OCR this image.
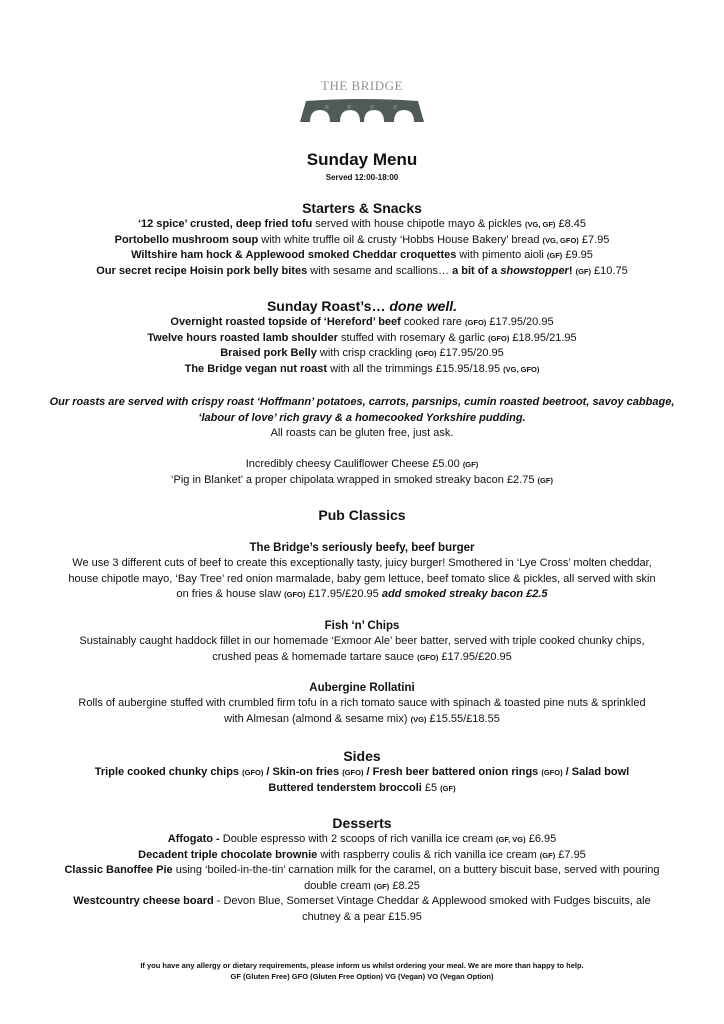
THE BRIDGE
Sunday Menu
Served 12:00-18:00
Starters & Snacks
‘12 spice’ crusted, deep fried tofu served with house chipotle mayo & pickles (VG, GF) £8.45
Portobello mushroom soup with white truffle oil & crusty ‘Hobbs House Bakery’ bread (VG, GFO) £7.95
Wiltshire ham hock & Applewood smoked Cheddar croquettes with pimento aioli (GF) £9.95
Our secret recipe Hoisin pork belly bites with sesame and scallions… a bit of a showstopper! (GF) £10.75
Sunday Roast’s… done well.
Overnight roasted topside of ‘Hereford’ beef cooked rare (GFO) £17.95/20.95
Twelve hours roasted lamb shoulder stuffed with rosemary & garlic (GFO) £18.95/21.95
Braised pork Belly with crisp crackling (GFO) £17.95/20.95
The Bridge vegan nut roast with all the trimmings £15.95/18.95 (VG, GFO)
Our roasts are served with crispy roast ‘Hoffmann’ potatoes, carrots, parsnips, cumin roasted beetroot, savoy cabbage,
‘labour of love’ rich gravy & a homecooked Yorkshire pudding.
All roasts can be gluten free, just ask.
Incredibly cheesy Cauliflower Cheese £5.00 (GF)
‘Pig in Blanket’ a proper chipolata wrapped in smoked streaky bacon £2.75 (GF)
Pub Classics
The Bridge’s seriously beefy, beef burger
We use 3 different cuts of beef to create this exceptionally tasty, juicy burger! Smothered in ‘Lye Cross’ molten cheddar,
house chipotle mayo, ‘Bay Tree’ red onion marmalade, baby gem lettuce, beef tomato slice & pickles, all served with skin
on fries & house slaw (GFO) £17.95/£20.95 add smoked streaky bacon £2.5
Fish ‘n’ Chips
Sustainably caught haddock fillet in our homemade ‘Exmoor Ale’ beer batter, served with triple cooked chunky chips,
crushed peas & homemade tartare sauce (GFO) £17.95/£20.95
Aubergine Rollatini
Rolls of aubergine stuffed with crumbled firm tofu in a rich tomato sauce with spinach & toasted pine nuts & sprinkled
with Almesan (almond & sesame mix) (VG) £15.55/£18.55
Sides
Triple cooked chunky chips (GFO) / Skin-on fries (GFO) / Fresh beer battered onion rings (GFO) / Salad bowl
Buttered tenderstem broccoli £5 (GF)
Desserts
Affogato - Double espresso with 2 scoops of rich vanilla ice cream (GF, VG) £6.95
Decadent triple chocolate brownie with raspberry coulis & rich vanilla ice cream (GF) £7.95
Classic Banoffee Pie using ‘boiled-in-the-tin’ carnation milk for the caramel, on a buttery biscuit base, served with pouring
double cream (GF) £8.25
Westcountry cheese board - Devon Blue, Somerset Vintage Cheddar & Applewood smoked with Fudges biscuits, ale
chutney & a pear £15.95
If you have any allergy or dietary requirements, please inform us whilst ordering your meal. We are more than happy to help.
GF (Gluten Free) GFO (Gluten Free Option) VG (Vegan) VO (Vegan Option)
